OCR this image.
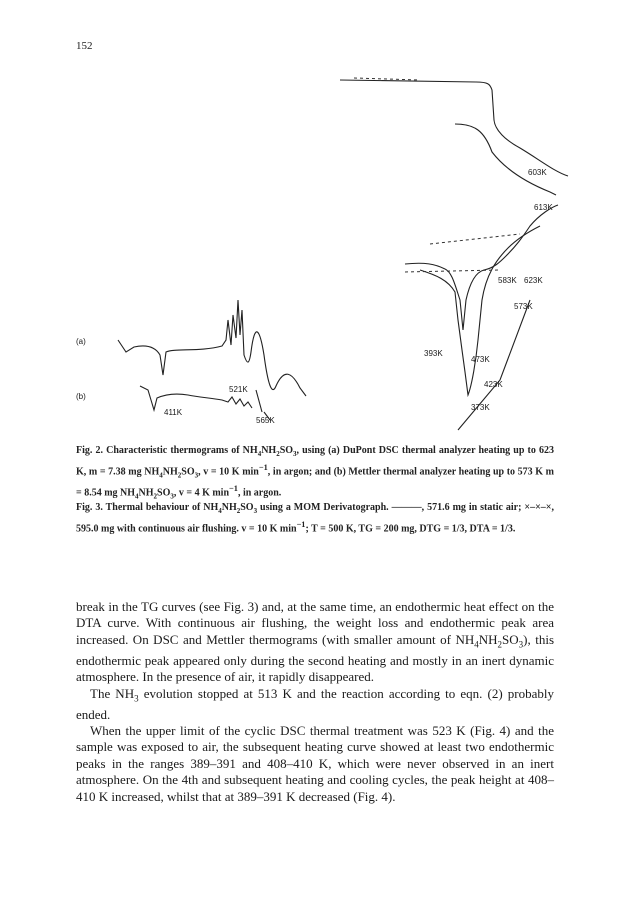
152
(a)
(b)
521K
411K
565K
603K
613K
583K 623K
573K
393K
473K
423K
373K
Fig. 2. Characteristic thermograms of $NH_4NH_2SO_3$, using (a) DuPont DSC thermal analyzer heating up to 623 K, m = 7.38 mg $NH_4NH_2SO_3$, v = 10 K $\min^{-1}$, in argon; and (b) Mettler thermal analyzer heating up to 573 K m = 8.54 mg $NH_4NH_2SO_3$, v = 4 K $\min^{-1}$, in argon.
Fig. 3. Thermal behaviour of $NH_4NH_2SO_3$ using a MOM Derivatograph. ———, 571.6 mg in static air; ×–×–×, 595.0 mg with continuous air flushing. v = 10 K $\min^{-1}$; T = 500 K, TG = 200 mg, DTG = 1/3, DTA = 1/3.

break in the TG curves (see Fig. 3) and, at the same time, an endothermic heat effect on the DTA curve. With continuous air flushing, the weight loss and endothermic peak area increased. On DSC and Mettler thermograms (with smaller amount of $NH_4NH_2SO_3$), this endothermic peak appeared only during the second heating and mostly in an inert dynamic atmosphere. In the presence of air, it rapidly disappeared.

The $NH_3$ evolution stopped at 513 K and the reaction according to eqn. (2) probably ended.

When the upper limit of the cyclic DSC thermal treatment was 523 K (Fig. 4) and the sample was exposed to air, the subsequent heating curve showed at least two endothermic peaks in the ranges 389–391 and 408–410 K, which were never observed in an inert atmosphere. On the 4th and subsequent heating and cooling cycles, the peak height at 408–410 K increased, whilst that at 389–391 K decreased (Fig. 4).
